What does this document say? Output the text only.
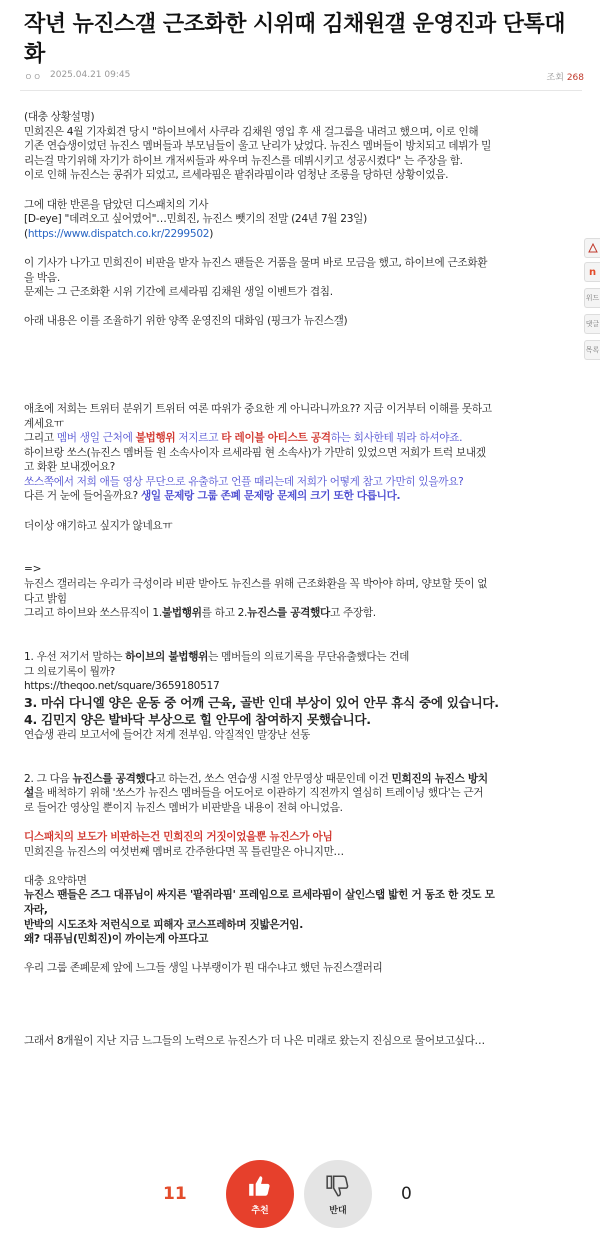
작년 뉴진스갤 근조화한 시위때 김채원갤 운영진과 단톡대화
ㅇㅇ 2025.04.21 09:45	조회 268

(대충 상황설명)

민희진은 4월 기자회견 당시 "하이브에서 사쿠라 김채원 영입 후 새 걸그룹을 내려고 했으며, 이로 인해

기존 연습생이었던 뉴진스 멤버들과 부모님들이 울고 난리가 났었다. 뉴진스 멤버들이 방치되고 데뷔가 밀

리는걸 막기위해 자기가 하이브 개저씨들과 싸우며 뉴진스를 데뷔시키고 성공시켰다" 는 주장을 함.

이로 인해 뉴진스는 콩쥐가 되었고, 르세라핌은 팥쥐라핌이라 엄청난 조롱을 당하던 상황이었음.

그에 대한 반론을 담았던 디스패치의 기사

[D-eye] "데려오고 싶어였어"…민희진, 뉴진스 뺏기의 전말 (24년 7월 23일)

(https://www.dispatch.co.kr/2299502)

이 기사가 나가고 민희진이 비판을 받자 뉴진스 팬들은 거품을 물며 바로 모금을 했고, 하이브에 근조화환

을 박음.

문제는 그 근조화환 시위 기간에 르세라핌 김채원 생일 이벤트가 겹침.

아래 내용은 이를 조율하기 위한 양쪽 운영진의 대화임 (핑크가 뉴진스갤)

애초에 저희는 트위터 분위기 트위터 여론 따위가 중요한 게 아니라니까요?? 지금 이거부터 이해를 못하고

계세요ㅠ

그리고 멤버 생일 근처에 불법행위 저지르고 타 레이블 아티스트 공격하는 회사한테 뭐라 하셔야죠.

하이브랑 쏘스(뉴진스 멤버들 원 소속사이자 르세라핌 현 소속사)가 가만히 있었으면 저희가 트럭 보내겠

고 화환 보내겠어요?

쏘스쪽에서 저희 애들 영상 무단으로 유출하고 언플 때리는데 저희가 어떻게 참고 가만히 있을까요?

다른 거 눈에 들어올까요? 생일 문제랑 그룹 존폐 문제랑 문제의 크기 또한 다릅니다.

더이상 얘기하고 싶지가 않네요ㅠ

=>

뉴진스 갤러리는 우리가 극성이라 비판 받아도 뉴진스를 위해 근조화환을 꼭 박아야 하며, 양보할 뜻이 없

다고 밝힘

그리고 하이브와 쏘스뮤직이 1.불법행위를 하고 2.뉴진스를 공격했다고 주장함.

1. 우선 저기서 말하는 하이브의 불법행위는 멤버들의 의료기록을 무단유출했다는 건데

그 의료기록이 뭘까?

https://theqoo.net/square/3659180517

3. 마쉬 다니엘 양은 운동 중 어깨 근육, 골반 인대 부상이 있어 안무 휴식 중에 있습니다.

4. 김민지 양은 발바닥 부상으로 힐 안무에 참여하지 못했습니다.

연습생 관리 보고서에 들어간 저게 전부임. 악질적인 말장난 선동

2. 그 다음 뉴진스를 공격했다고 하는건, 쏘스 연습생 시절 안무영상 때문인데 이건 민희진의 뉴진스 방치

설을 배척하기 위해 '쏘스가 뉴진스 멤버들을 어도어로 이관하기 직전까지 열심히 트레이닝 했다'는 근거

로 들어간 영상일 뿐이지 뉴진스 멤버가 비판받을 내용이 전혀 아니었음.

디스패치의 보도가 비판하는건 민희진의 거짓이었을뿐 뉴진스가 아님

민희진을 뉴진스의 여섯번째 멤버로 간주한다면 꼭 틀린말은 아니지만…

대충 요약하면

뉴진스 팬들은 즈그 대퓨님이 싸지른 '팥쥐라핌' 프레임으로 르세라핌이 살인스탭 밟힌 거 동조 한 것도 모

자라,

반박의 시도조차 저런식으로 피해자 코스프레하며 짓밟은거임.

왜? 대퓨님(민희진)이 까이는게 아프다고

우리 그룹 존폐문제 앞에 느그들 생일 나부랭이가 뭔 대수냐고 했던 뉴진스갤러리

그래서 8개월이 지난 지금 느그들의 노력으로 뉴진스가 더 나은 미래로 왔는지 진심으로 물어보고싶다…

n
위드
댓글
목록
11
추천	반대
0
